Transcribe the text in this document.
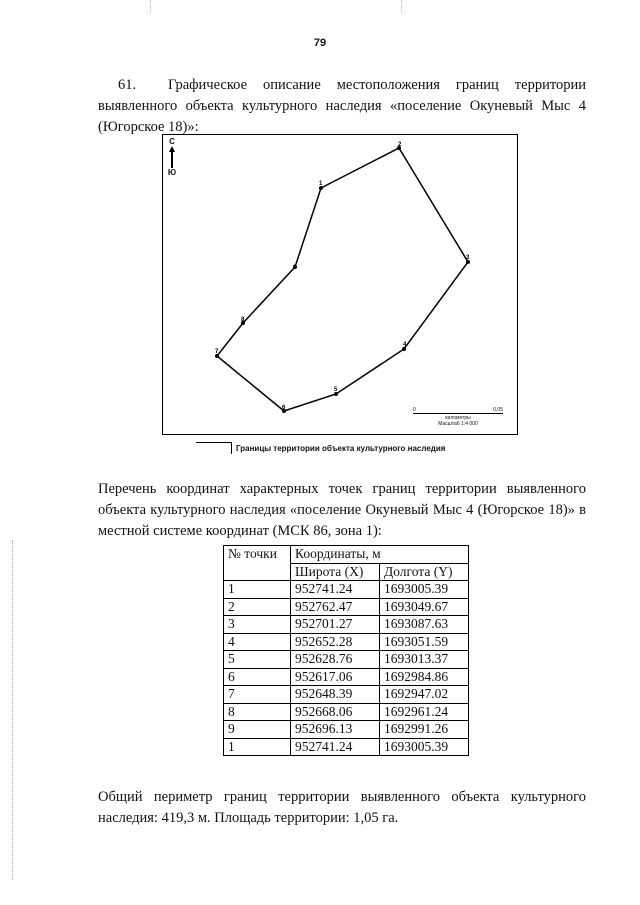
79
61. Графическое описание местоположения границ территории выявленного объекта культурного наследия «поселение Окуневый Мыс 4 (Югорское 18)»:
С
Ю
1
2
3
4
5
6
7
8
9
0	0,05
километры
Масштаб 1:4 000
Границы территории объекта культурного наследия
Перечень координат характерных точек границ территории выявленного объекта культурного наследия «поселение Окуневый Мыс 4 (Югорское 18)» в местной системе координат (МСК 86, зона 1):
№ точки	Координаты, м	
	Широта (X)	Долгота (Y)
1	952741.24	1693005.39
2	952762.47	1693049.67
3	952701.27	1693087.63
4	952652.28	1693051.59
5	952628.76	1693013.37
6	952617.06	1692984.86
7	952648.39	1692947.02
8	952668.06	1692961.24
9	952696.13	1692991.26
1	952741.24	1693005.39
Общий периметр границ территории выявленного объекта культурного наследия: 419,3 м. Площадь территории: 1,05 га.
